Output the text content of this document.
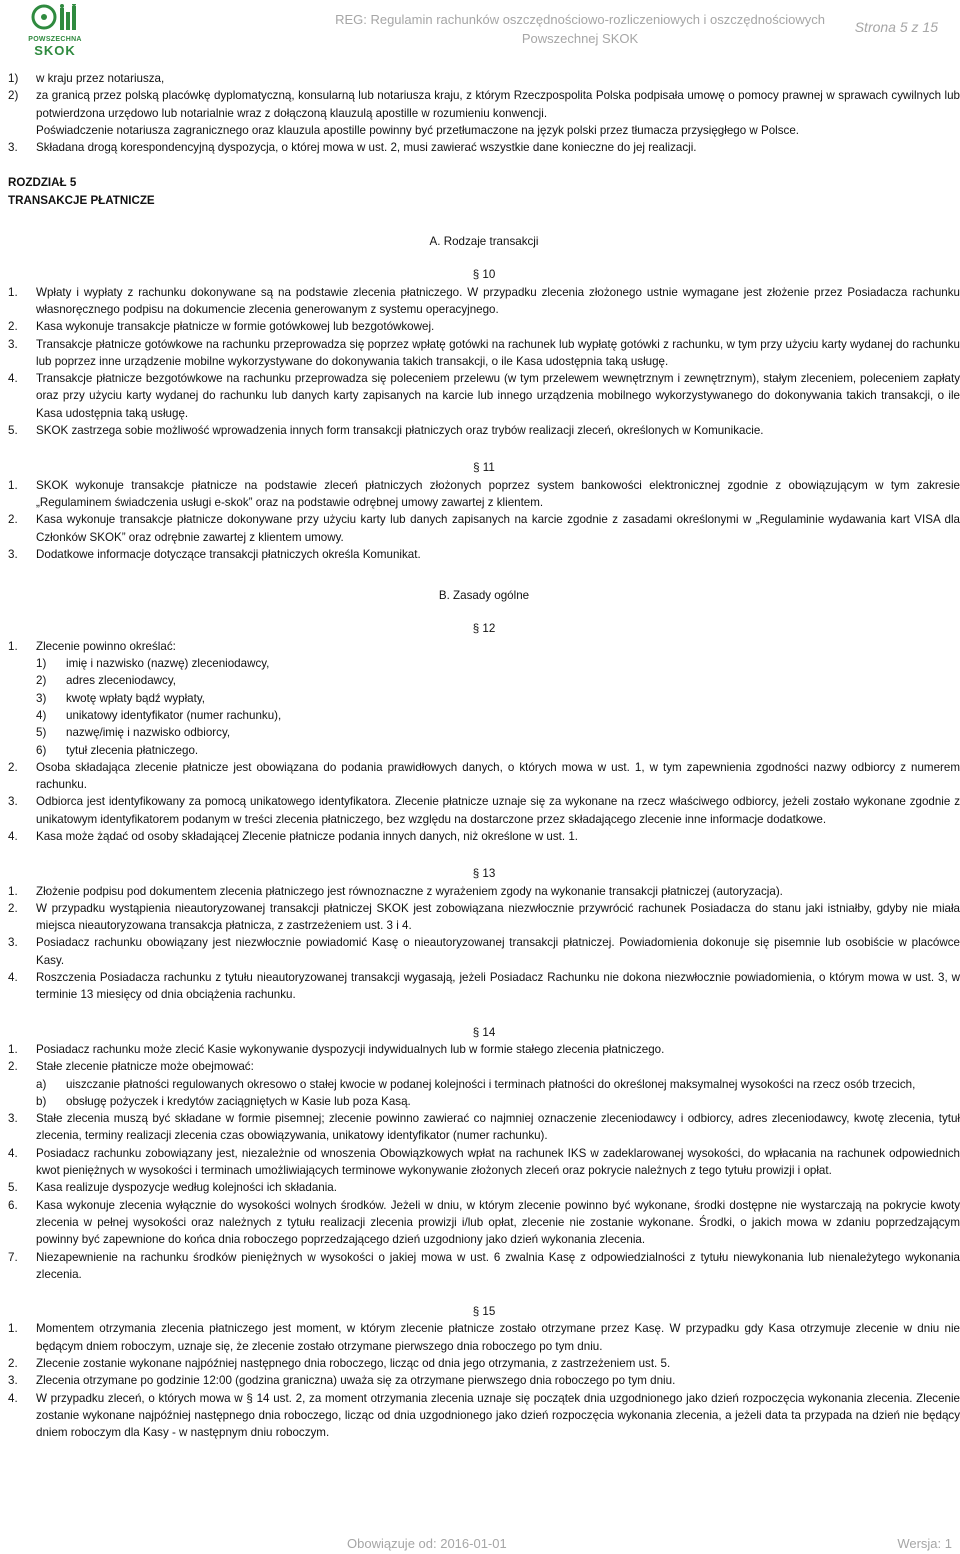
POWSZECHNA
SKOK
REG: Regulamin rachunków oszczędnościowo-rozliczeniowych i oszczędnościowych
Powszechnej SKOK
Strona 5 z 15
1) w kraju przez notariusza,
2) za granicą przez polską placówkę dyplomatyczną, konsularną lub notariusza kraju, z którym Rzeczpospolita Polska podpisała umowę o pomocy prawnej w sprawach cywilnych lub potwierdzona urzędowo lub notarialnie wraz z dołączoną klauzulą apostille w rozumieniu konwencji.
Poświadczenie notariusza zagranicznego oraz klauzula apostille powinny być przetłumaczone na język polski przez tłumacza przysięgłego w Polsce.
3. Składana drogą korespondencyjną dyspozycja, o której mowa w ust. 2, musi zawierać wszystkie dane konieczne do jej realizacji.
ROZDZIAŁ 5
TRANSAKCJE PŁATNICZE
A. Rodzaje transakcji
§ 10
1. Wpłaty i wypłaty z rachunku dokonywane są na podstawie zlecenia płatniczego. W przypadku zlecenia złożonego ustnie wymagane jest złożenie przez Posiadacza rachunku własnoręcznego podpisu na dokumencie zlecenia generowanym z systemu operacyjnego.
2. Kasa wykonuje transakcje płatnicze w formie gotówkowej lub bezgotówkowej.
3. Transakcje płatnicze gotówkowe na rachunku przeprowadza się poprzez wpłatę gotówki na rachunek lub wypłatę gotówki z rachunku, w tym przy użyciu karty wydanej do rachunku lub poprzez inne urządzenie mobilne wykorzystywane do dokonywania takich transakcji, o ile Kasa udostępnia taką usługę.
4. Transakcje płatnicze bezgotówkowe na rachunku przeprowadza się poleceniem przelewu (w tym przelewem wewnętrznym i zewnętrznym), stałym zleceniem, poleceniem zapłaty oraz przy użyciu karty wydanej do rachunku lub danych karty zapisanych na karcie lub innego urządzenia mobilnego wykorzystywanego do dokonywania takich transakcji, o ile Kasa udostępnia taką usługę.
5. SKOK zastrzega sobie możliwość wprowadzenia innych form transakcji płatniczych oraz trybów realizacji zleceń, określonych w Komunikacie.
§ 11
1. SKOK wykonuje transakcje płatnicze na podstawie zleceń płatniczych złożonych poprzez system bankowości elektronicznej zgodnie z obowiązującym w tym zakresie „Regulaminem świadczenia usługi e-skok” oraz na podstawie odrębnej umowy zawartej z klientem.
2. Kasa wykonuje transakcje płatnicze dokonywane przy użyciu karty lub danych zapisanych na karcie zgodnie z zasadami określonymi w „Regulaminie wydawania kart VISA dla Członków SKOK” oraz odrębnie zawartej z klientem umowy.
3. Dodatkowe informacje dotyczące transakcji płatniczych określa Komunikat.
B. Zasady ogólne
§ 12
1. Zlecenie powinno określać:
1) imię i nazwisko (nazwę) zleceniodawcy,
2) adres zleceniodawcy,
3) kwotę wpłaty bądź wypłaty,
4) unikatowy identyfikator (numer rachunku),
5) nazwę/imię i nazwisko odbiorcy,
6) tytuł zlecenia płatniczego.
2. Osoba składająca zlecenie płatnicze jest obowiązana do podania prawidłowych danych, o których mowa w ust. 1, w tym zapewnienia zgodności nazwy odbiorcy z numerem rachunku.
3. Odbiorca jest identyfikowany za pomocą unikatowego identyfikatora. Zlecenie płatnicze uznaje się za wykonane na rzecz właściwego odbiorcy, jeżeli zostało wykonane zgodnie z unikatowym identyfikatorem podanym w treści zlecenia płatniczego, bez względu na dostarczone przez składającego zlecenie inne informacje dodatkowe.
4. Kasa może żądać od osoby składającej Zlecenie płatnicze podania innych danych, niż określone w ust. 1.
§ 13
1. Złożenie podpisu pod dokumentem zlecenia płatniczego jest równoznaczne z wyrażeniem zgody na wykonanie transakcji płatniczej (autoryzacja).
2. W przypadku wystąpienia nieautoryzowanej transakcji płatniczej SKOK jest zobowiązana niezwłocznie przywrócić rachunek Posiadacza do stanu jaki istniałby, gdyby nie miała miejsca nieautoryzowana transakcja płatnicza, z zastrzeżeniem ust. 3 i 4.
3. Posiadacz rachunku obowiązany jest niezwłocznie powiadomić Kasę o nieautoryzowanej transakcji płatniczej. Powiadomienia dokonuje się pisemnie lub osobiście w placówce Kasy.
4. Roszczenia Posiadacza rachunku z tytułu nieautoryzowanej transakcji wygasają, jeżeli Posiadacz Rachunku nie dokona niezwłocznie powiadomienia, o którym mowa w ust. 3, w terminie 13 miesięcy od dnia obciążenia rachunku.
§ 14
1. Posiadacz rachunku może zlecić Kasie wykonywanie dyspozycji indywidualnych lub w formie stałego zlecenia płatniczego.
2. Stałe zlecenie płatnicze może obejmować:
a) uiszczanie płatności regulowanych okresowo o stałej kwocie w podanej kolejności i terminach płatności do określonej maksymalnej wysokości na rzecz osób trzecich,
b) obsługę pożyczek i kredytów zaciągniętych w Kasie lub poza Kasą.
3. Stałe zlecenia muszą być składane w formie pisemnej; zlecenie powinno zawierać co najmniej oznaczenie zleceniodawcy i odbiorcy, adres zleceniodawcy, kwotę zlecenia, tytuł zlecenia, terminy realizacji zlecenia czas obowiązywania, unikatowy identyfikator (numer rachunku).
4. Posiadacz rachunku zobowiązany jest, niezależnie od wnoszenia Obowiązkowych wpłat na rachunek IKS w zadeklarowanej wysokości, do wpłacania na rachunek odpowiednich kwot pieniężnych w wysokości i terminach umożliwiających terminowe wykonywanie złożonych zleceń oraz pokrycie należnych z tego tytułu prowizji i opłat.
5. Kasa realizuje dyspozycje według kolejności ich składania.
6. Kasa wykonuje zlecenia wyłącznie do wysokości wolnych środków. Jeżeli w dniu, w którym zlecenie powinno być wykonane, środki dostępne nie wystarczają na pokrycie kwoty zlecenia w pełnej wysokości oraz należnych z tytułu realizacji zlecenia prowizji i/lub opłat, zlecenie nie zostanie wykonane. Środki, o jakich mowa w zdaniu poprzedzającym powinny być zapewnione do końca dnia roboczego poprzedzającego dzień uzgodniony jako dzień wykonania zlecenia.
7. Niezapewnienie na rachunku środków pieniężnych w wysokości o jakiej mowa w ust. 6 zwalnia Kasę z odpowiedzialności z tytułu niewykonania lub nienależytego wykonania zlecenia.
§ 15
1. Momentem otrzymania zlecenia płatniczego jest moment, w którym zlecenie płatnicze zostało otrzymane przez Kasę. W przypadku gdy Kasa otrzymuje zlecenie w dniu nie będącym dniem roboczym, uznaje się, że zlecenie zostało otrzymane pierwszego dnia roboczego po tym dniu.
2. Zlecenie zostanie wykonane najpóźniej następnego dnia roboczego, licząc od dnia jego otrzymania, z zastrzeżeniem ust. 5.
3. Zlecenia otrzymane po godzinie 12:00 (godzina graniczna) uważa się za otrzymane pierwszego dnia roboczego po tym dniu.
4. W przypadku zleceń, o których mowa w § 14 ust. 2, za moment otrzymania zlecenia uznaje się początek dnia uzgodnionego jako dzień rozpoczęcia wykonania zlecenia. Zlecenie zostanie wykonane najpóźniej następnego dnia roboczego, licząc od dnia uzgodnionego jako dzień rozpoczęcia wykonania zlecenia, a jeżeli data ta przypada na dzień nie będący dniem roboczym dla Kasy - w następnym dniu roboczym.
Obowiązuje od: 2016-01-01	Wersja: 1
